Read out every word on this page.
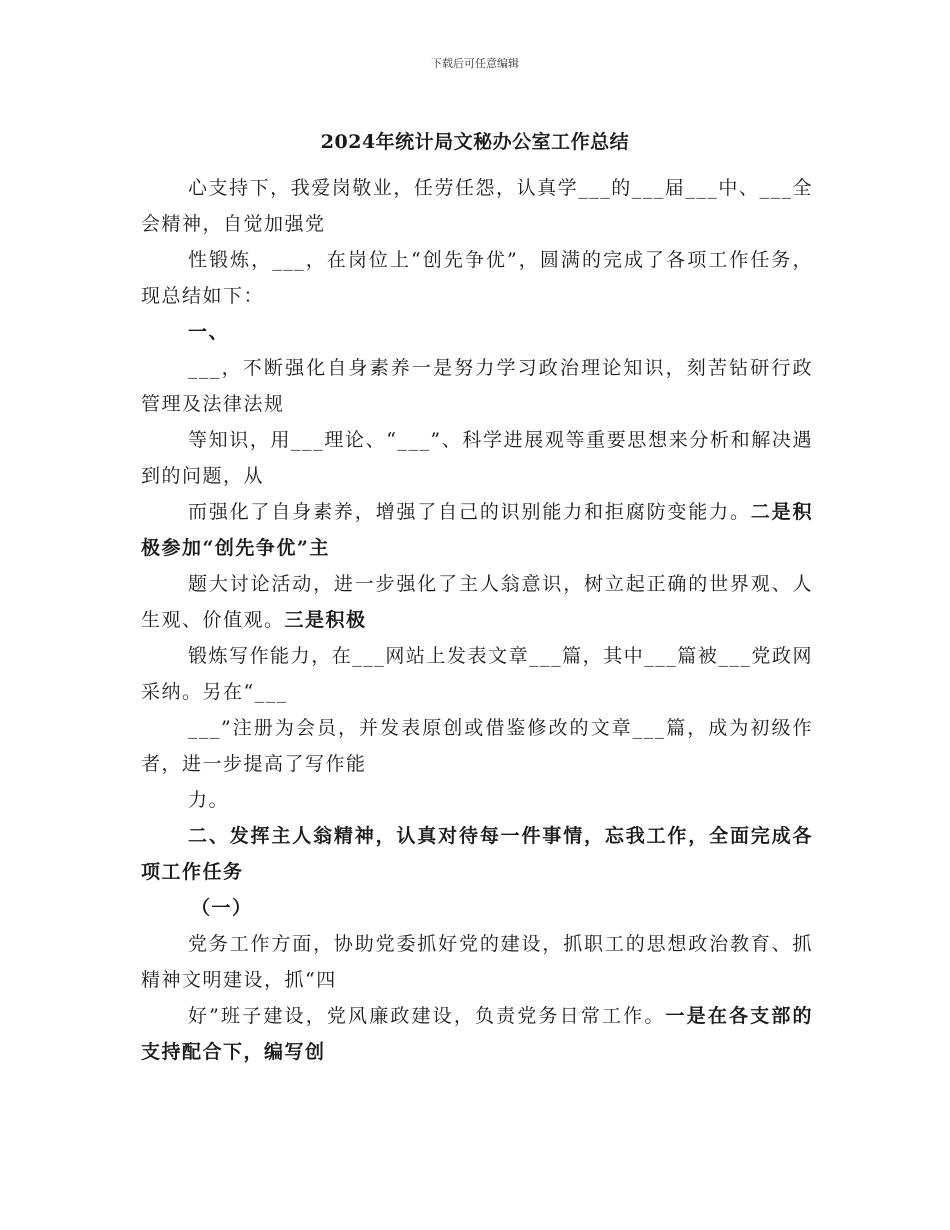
下载后可任意编辑
2024年统计局文秘办公室工作总结

心支持下，我爱岗敬业，任劳任怨，认真学___的___届___中、___全会精神，自觉加强党

性锻炼，___，在岗位上“创先争优”，圆满的完成了各项工作任务，现总结如下：

一、

___，不断强化自身素养一是努力学习政治理论知识，刻苦钻研行政管理及法律法规

等知识，用___理论、“___”、科学进展观等重要思想来分析和解决遇到的问题，从

而强化了自身素养，增强了自己的识别能力和拒腐防变能力。二是积极参加“创先争优”主

题大讨论活动，进一步强化了主人翁意识，树立起正确的世界观、人生观、价值观。三是积极

锻炼写作能力，在___网站上发表文章___篇，其中___篇被___党政网采纳。另在“___

___”注册为会员，并发表原创或借鉴修改的文章___篇，成为初级作者，进一步提高了写作能

力。

二、发挥主人翁精神，认真对待每一件事情，忘我工作，全面完成各项工作任务

（一）

党务工作方面，协助党委抓好党的建设，抓职工的思想政治教育、抓精神文明建设，抓“四

好”班子建设，党风廉政建设，负责党务日常工作。一是在各支部的支持配合下，编写创
